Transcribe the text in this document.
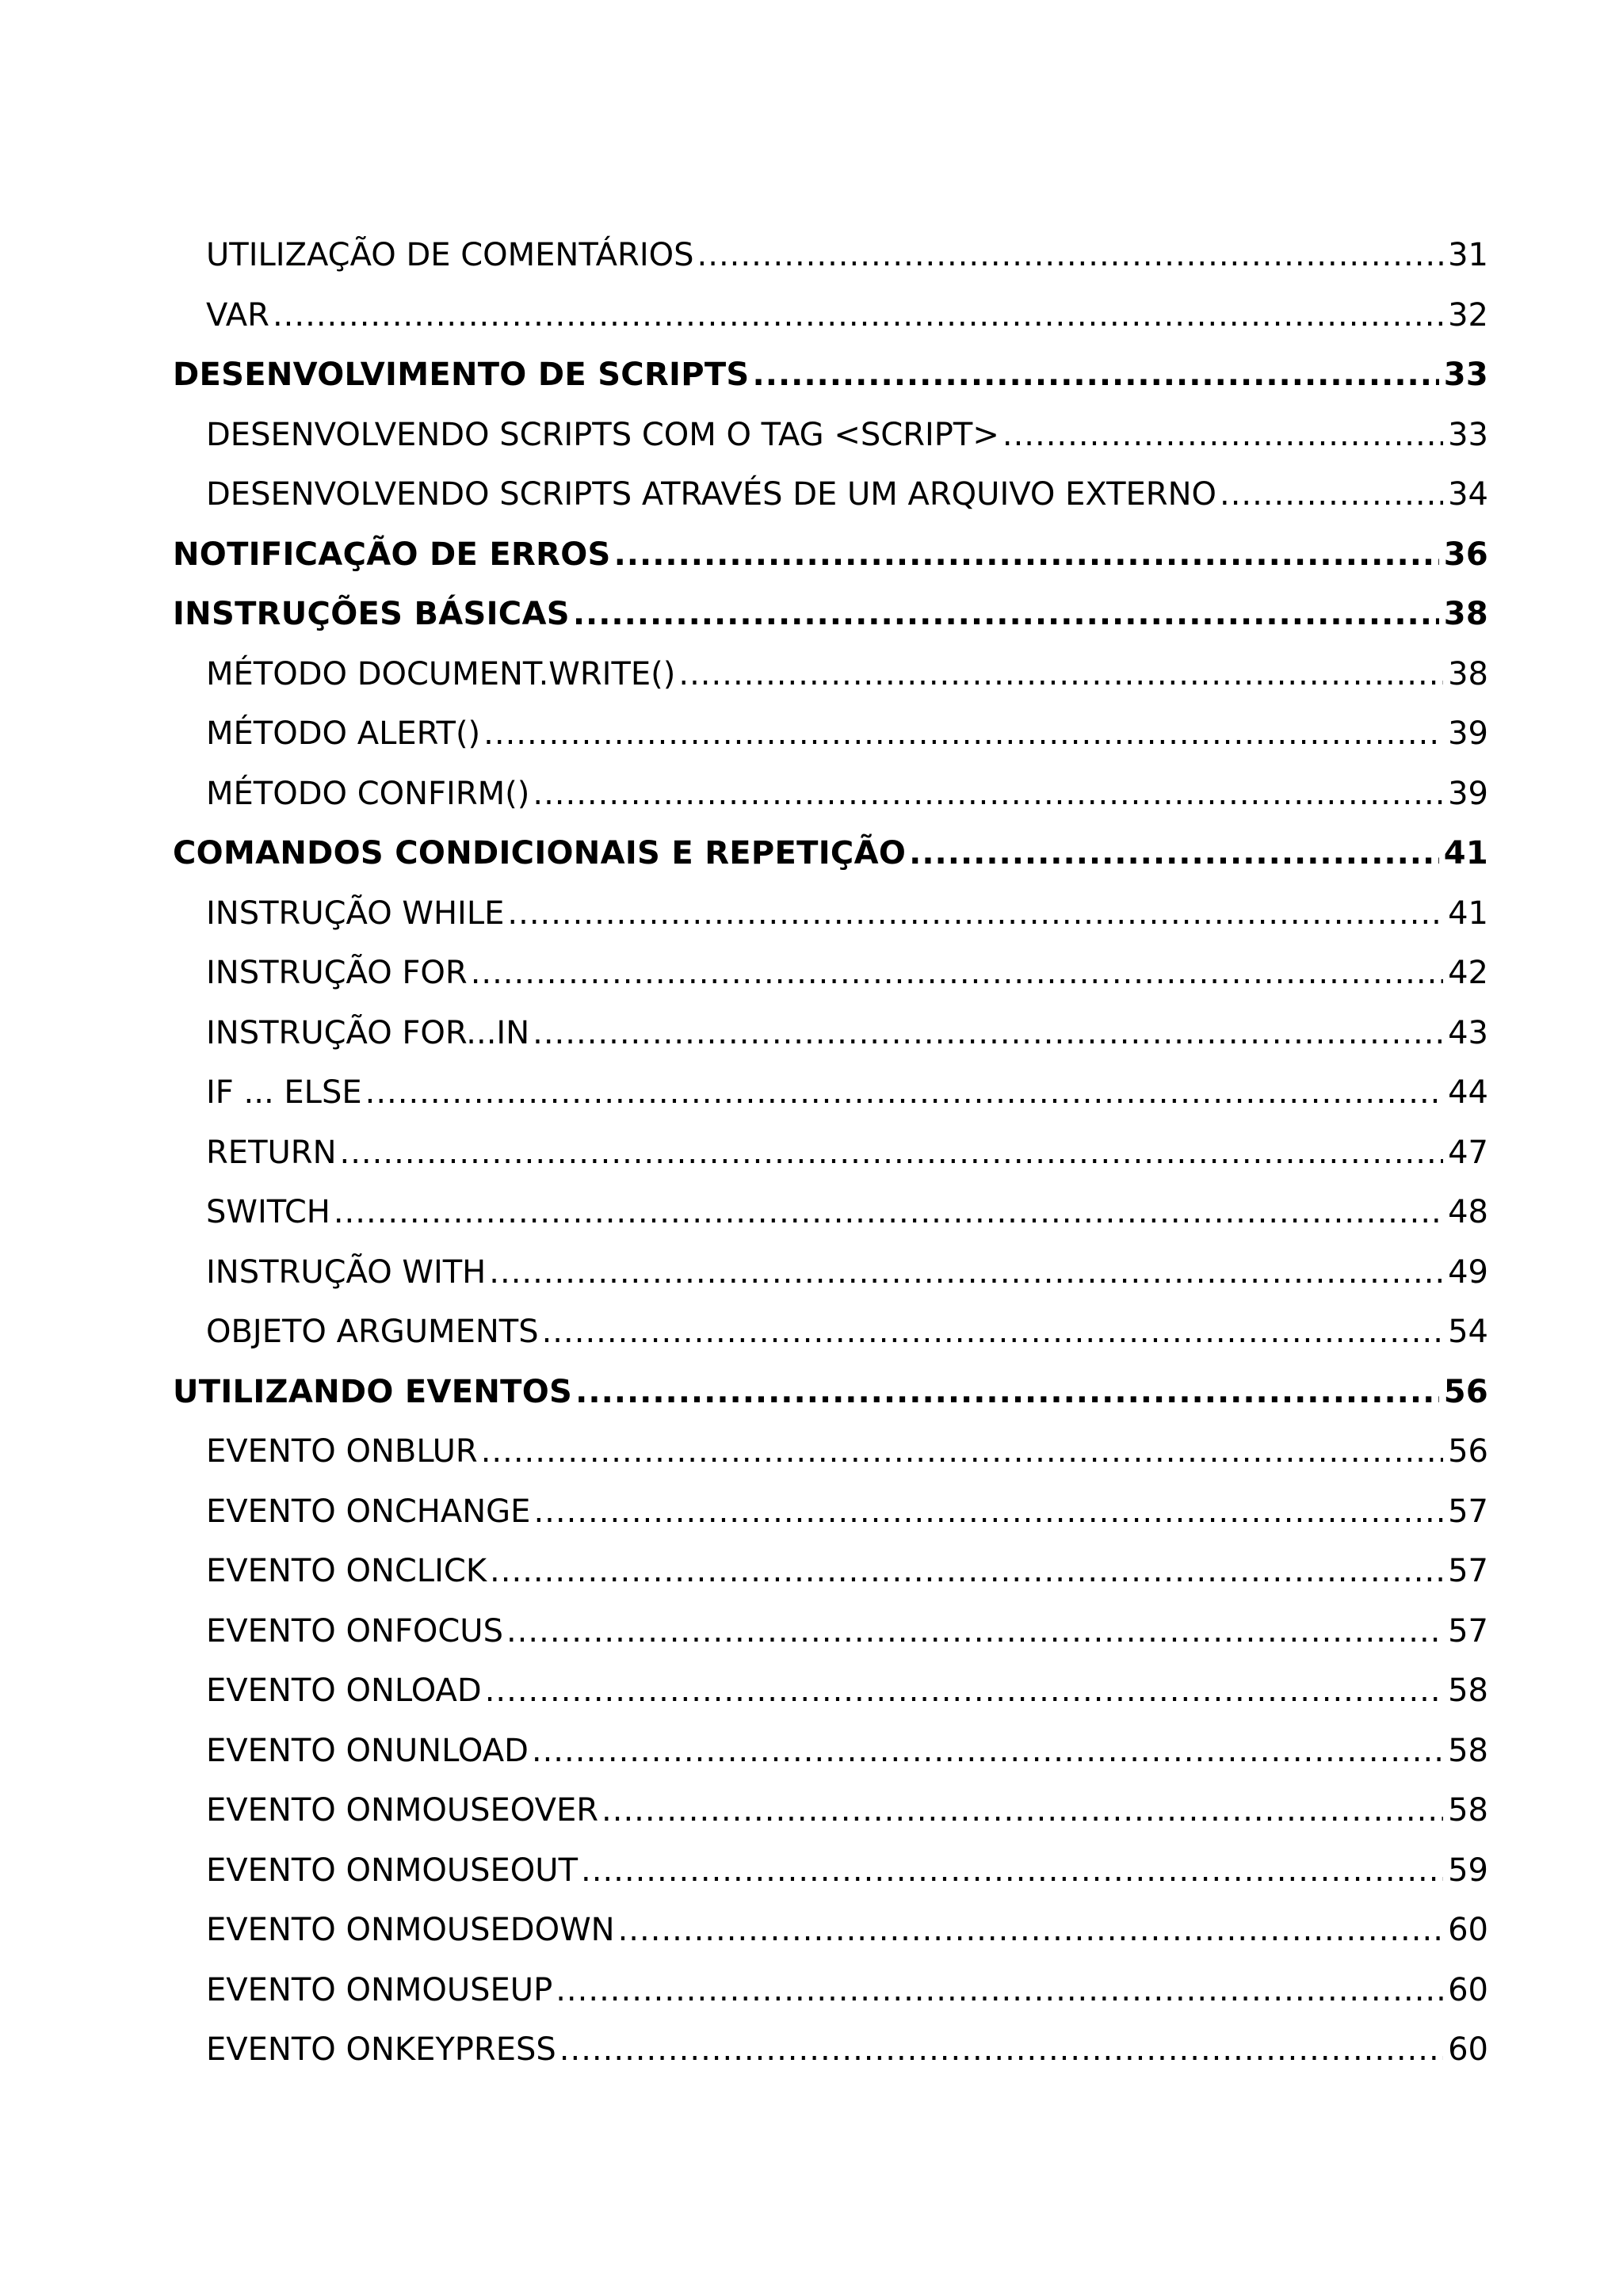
UTILIZAÇÃO DE COMENTÁRIOS .....	31
VAR .....	32
DESENVOLVIMENTO DE SCRIPTS .....	33
DESENVOLVENDO SCRIPTS COM O TAG <SCRIPT> .....	33
DESENVOLVENDO SCRIPTS ATRAVÉS DE UM ARQUIVO EXTERNO .....	34
NOTIFICAÇÃO DE ERROS .....	36
INSTRUÇÕES BÁSICAS .....	38
MÉTODO DOCUMENT.WRITE() .....	38
MÉTODO ALERT() .....	39
MÉTODO CONFIRM() .....	39
COMANDOS CONDICIONAIS E REPETIÇÃO .....	41
INSTRUÇÃO WHILE .....	41
INSTRUÇÃO FOR .....	42
INSTRUÇÃO FOR...IN .....	43
IF ... ELSE .....	44
RETURN .....	47
SWITCH .....	48
INSTRUÇÃO WITH .....	49
OBJETO ARGUMENTS .....	54
UTILIZANDO EVENTOS .....	56
EVENTO ONBLUR .....	56
EVENTO ONCHANGE .....	57
EVENTO ONCLICK .....	57
EVENTO ONFOCUS .....	57
EVENTO ONLOAD .....	58
EVENTO ONUNLOAD .....	58
EVENTO ONMOUSEOVER .....	58
EVENTO ONMOUSEOUT .....	59
EVENTO ONMOUSEDOWN .....	60
EVENTO ONMOUSEUP .....	60
EVENTO ONKEYPRESS .....	60
